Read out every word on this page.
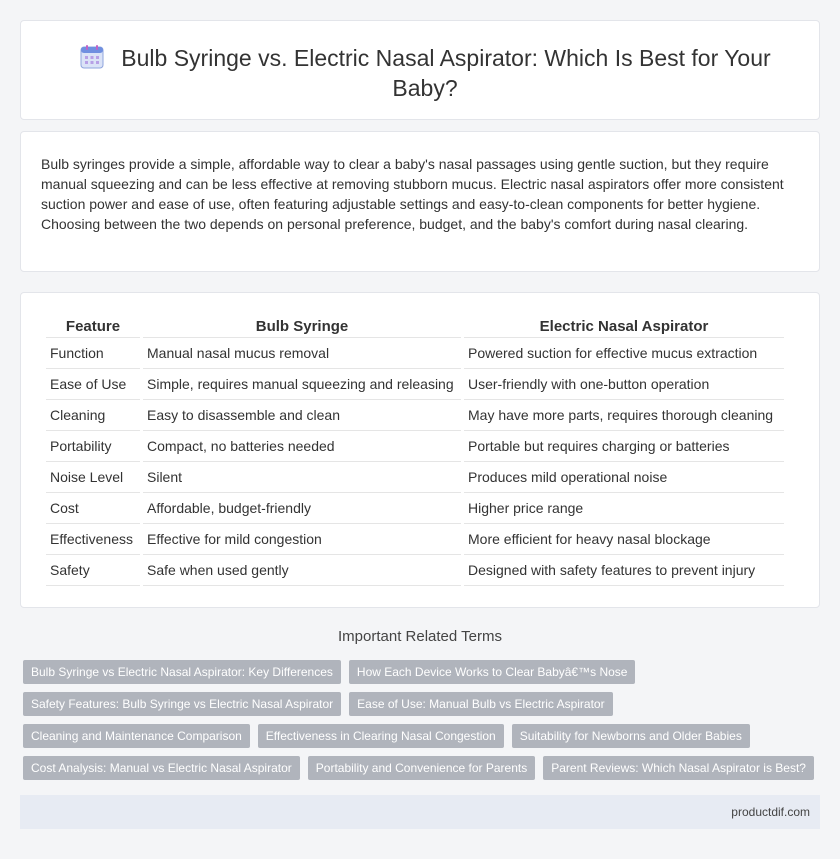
Bulb Syringe vs. Electric Nasal Aspirator: Which Is Best for Your Baby?

Bulb syringes provide a simple, affordable way to clear a baby's nasal passages using gentle suction, but they require manual squeezing and can be less effective at removing stubborn mucus. Electric nasal aspirators offer more consistent suction power and ease of use, often featuring adjustable settings and easy-to-clean components for better hygiene. Choosing between the two depends on personal preference, budget, and the baby's comfort during nasal clearing.

Feature	Bulb Syringe	Electric Nasal Aspirator
Function	Manual nasal mucus removal	Powered suction for effective mucus extraction
Ease of Use	Simple, requires manual squeezing and releasing	User-friendly with one-button operation
Cleaning	Easy to disassemble and clean	May have more parts, requires thorough cleaning
Portability	Compact, no batteries needed	Portable but requires charging or batteries
Noise Level	Silent	Produces mild operational noise
Cost	Affordable, budget-friendly	Higher price range
Effectiveness	Effective for mild congestion	More efficient for heavy nasal blockage
Safety	Safe when used gently	Designed with safety features to prevent injury
Important Related Terms
Bulb Syringe vs Electric Nasal Aspirator: Key Differences	How Each Device Works to Clear Babyâ€™s Nose
Safety Features: Bulb Syringe vs Electric Nasal Aspirator	Ease of Use: Manual Bulb vs Electric Aspirator
Cleaning and Maintenance Comparison	Effectiveness in Clearing Nasal Congestion	Suitability for Newborns and Older Babies
Cost Analysis: Manual vs Electric Nasal Aspirator	Portability and Convenience for Parents	Parent Reviews: Which Nasal Aspirator is Best?
productdif.com
